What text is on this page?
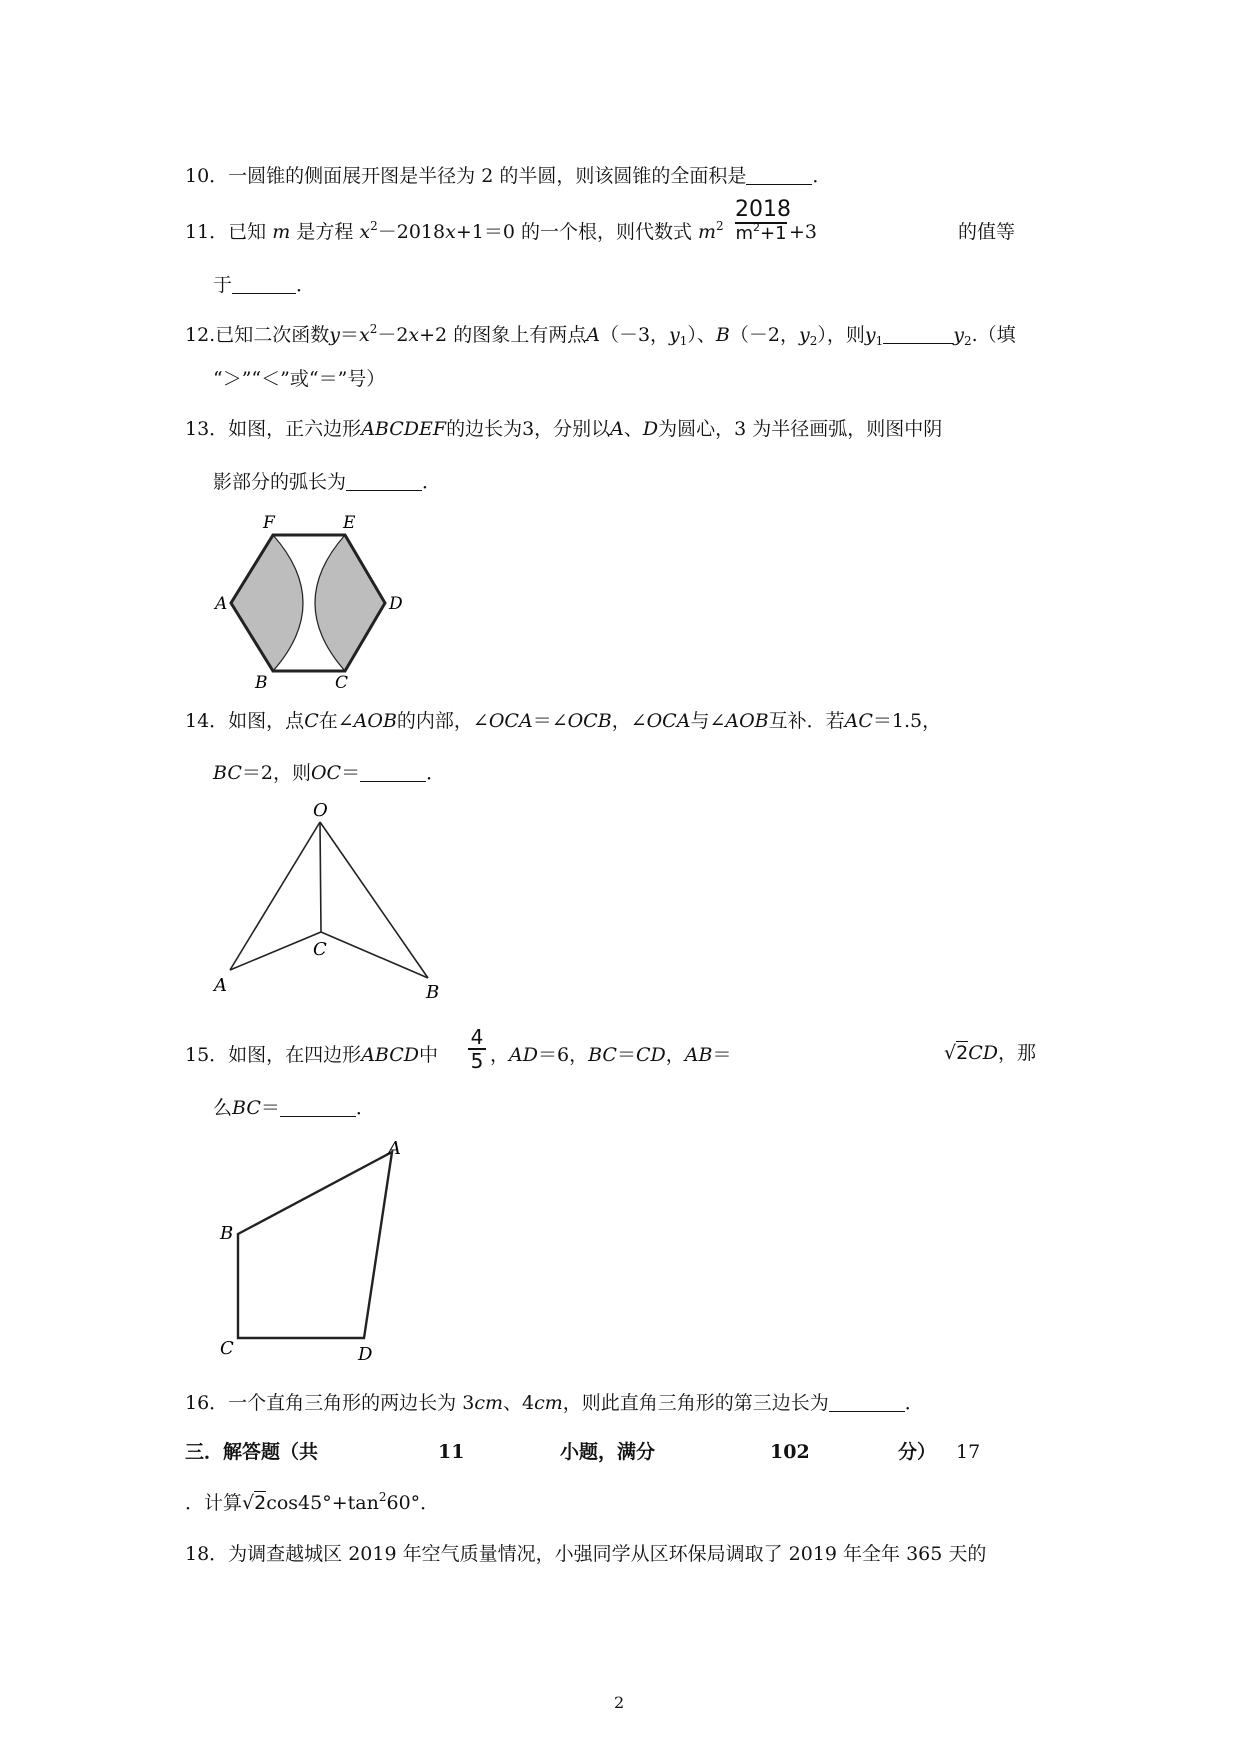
10．一圆锥的侧面展开图是半径为 2 的半圆，则该圆锥的全面积是	．
11．已知 m 是方程 $x^2-2018x+1=0$ 的一个根，则代数式 $m^2$
2018
$m^2+1 +3$	的值等
于	．
12.已知二次函数$y=x^2-2x+2$ 的图象上有两点A（－3，$y_1$）、B（－2，$y_2$），则$y_1$	$y_2$.（填
“＞”“＜”或“＝”号）
13．如图，正六边形ABCDEF的边长为3，分别以A、D为圆心，3 为半径画弧，则图中阴
影部分的弧长为	．
F	E
A	D
B	C
14．如图，点C在∠AOB的内部，∠OCA＝∠OCB，∠OCA与∠AOB互补．若AC＝1.5，
BC＝2，则OC＝	．
O
C
A	B
15．如图，在四边形ABCD中
4
5 ，AD＝6，BC＝CD，AB＝	√2CD，那
么BC＝	．
A
B
C	D
16．一个直角三角形的两边长为 3cm、4cm，则此直角三角形的第三边长为	．
三．解答题（共	11	小题，满分	102	分） 17
．计算$√2\cos 45^\circ+\tan^260^\circ$．
18．为调查越城区 2019 年空气质量情况，小强同学从区环保局调取了 2019 年全年 365 天的
2
